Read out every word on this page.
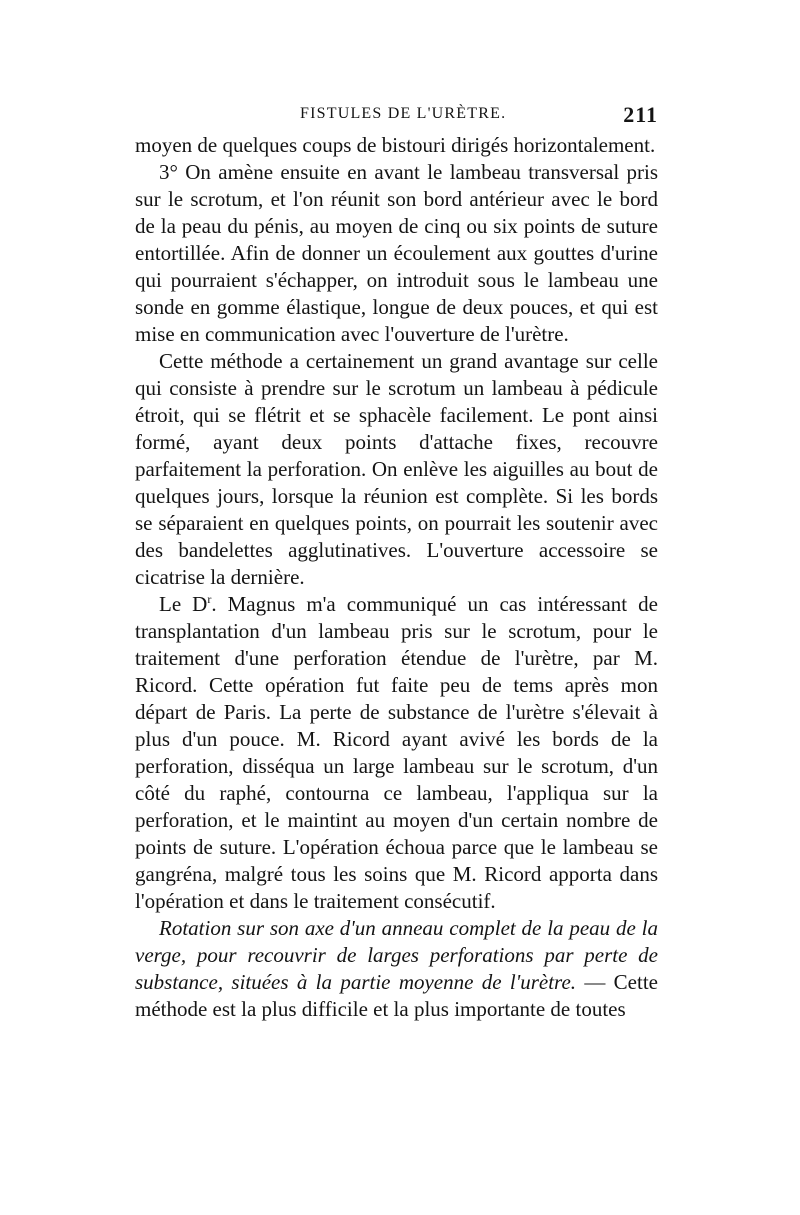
FISTULES DE L'URÈTRE.	211

moyen de quelques coups de bistouri dirigés horizontalement.

3° On amène ensuite en avant le lambeau transversal pris sur le scrotum, et l'on réunit son bord antérieur avec le bord de la peau du pénis, au moyen de cinq ou six points de suture entortillée. Afin de donner un écoulement aux gouttes d'urine qui pourraient s'échapper, on introduit sous le lambeau une sonde en gomme élastique, longue de deux pouces, et qui est mise en communication avec l'ouverture de l'urètre.

Cette méthode a certainement un grand avantage sur celle qui consiste à prendre sur le scrotum un lambeau à pédicule étroit, qui se flétrit et se sphacèle facilement. Le pont ainsi formé, ayant deux points d'attache fixes, recouvre parfaitement la perforation. On enlève les aiguilles au bout de quelques jours, lorsque la réunion est complète. Si les bords se séparaient en quelques points, on pourrait les soutenir avec des bandelettes agglutinatives. L'ouverture accessoire se cicatrise la dernière.

Le $D^r$. Magnus m'a communiqué un cas intéressant de transplantation d'un lambeau pris sur le scrotum, pour le traitement d'une perforation étendue de l'urètre, par M. Ricord. Cette opération fut faite peu de tems après mon départ de Paris. La perte de substance de l'urètre s'élevait à plus d'un pouce. M. Ricord ayant avivé les bords de la perforation, disséqua un large lambeau sur le scrotum, d'un côté du raphé, contourna ce lambeau, l'appliqua sur la perforation, et le maintint au moyen d'un certain nombre de points de suture. L'opération échoua parce que le lambeau se gangréna, malgré tous les soins que M. Ricord apporta dans l'opération et dans le traitement consécutif.

Rotation sur son axe d'un anneau complet de la peau de la verge, pour recouvrir de larges perforations par perte de substance, situées à la partie moyenne de l'urètre. — Cette méthode est la plus difficile et la plus importante de toutes
